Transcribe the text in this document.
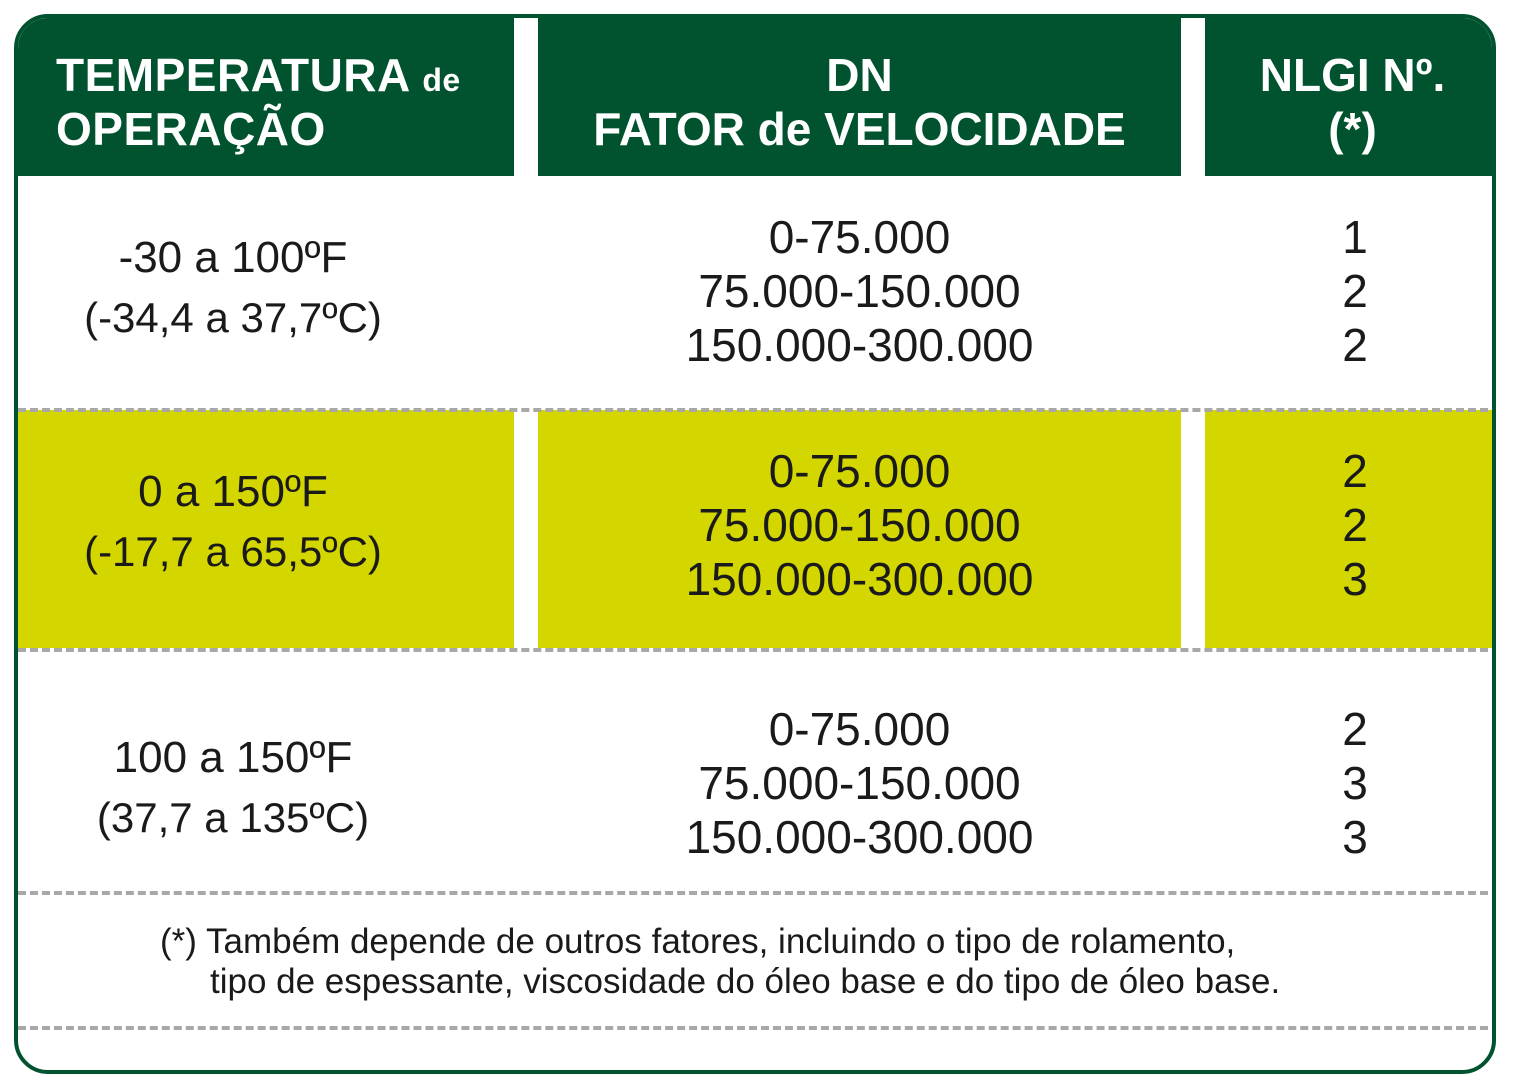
TEMPERATURA de
OPERAÇÃO
DN
FATOR de VELOCIDADE
NLGI Nº.
(*)
-30 a 100ºF
(-34,4 a 37,7ºC)
0-75.000
75.000-150.000
150.000-300.000
1
2
2
0 a 150ºF
(-17,7 a 65,5ºC)
0-75.000
75.000-150.000
150.000-300.000
2
2
3
100 a 150ºF
(37,7 a 135ºC)
0-75.000
75.000-150.000
150.000-300.000
2
3
3
(*) Também depende de outros fatores, incluindo o tipo de rolamento,
tipo de espessante, viscosidade do óleo base e do tipo de óleo base.
